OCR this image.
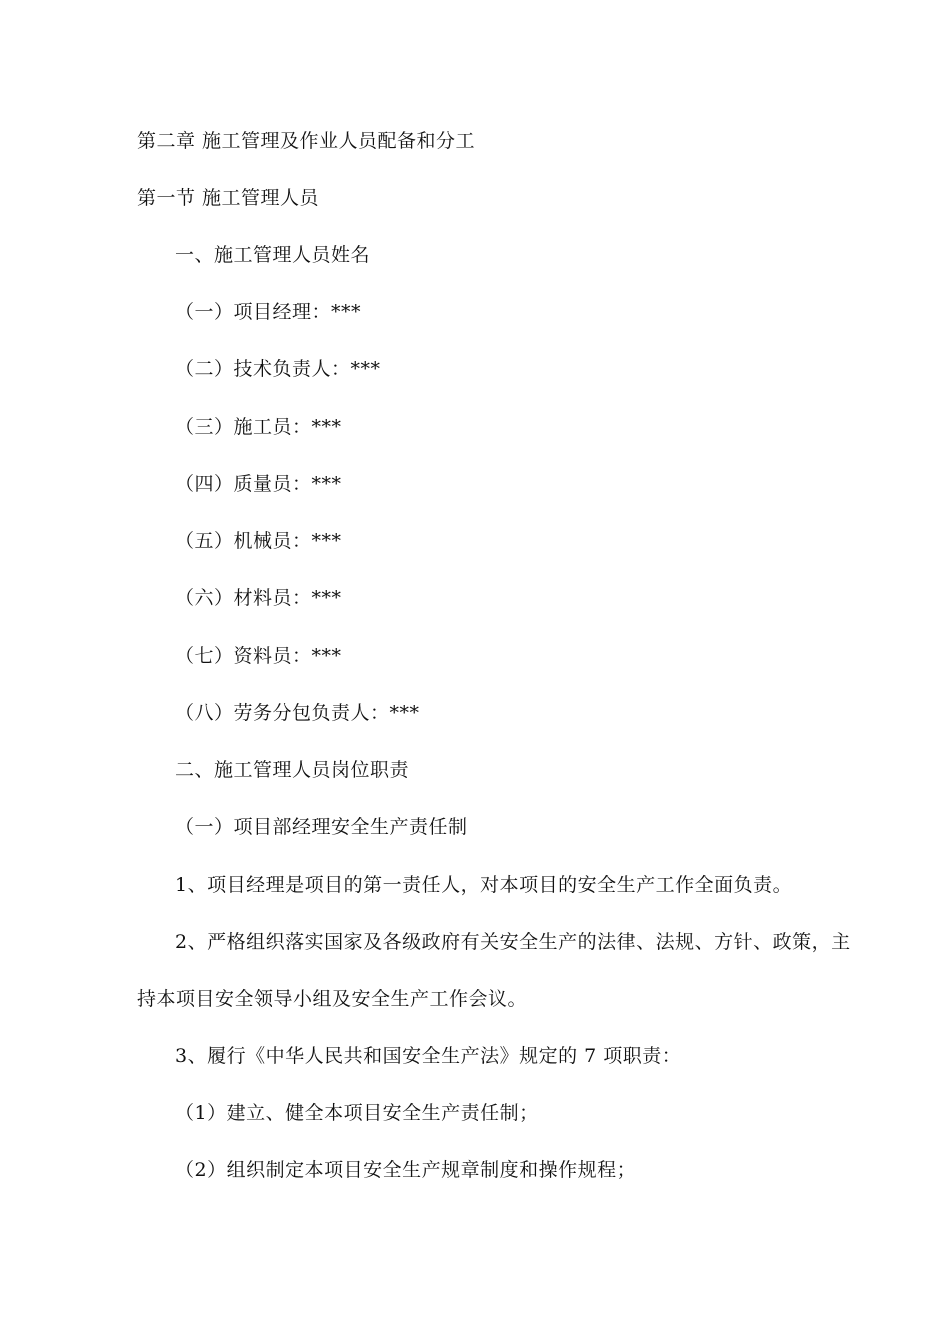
第二章 施工管理及作业人员配备和分工
第一节 施工管理人员
一、施工管理人员姓名
（一）项目经理：***
（二）技术负责人：***
（三）施工员：***
（四）质量员：***
（五）机械员：***
（六）材料员：***
（七）资料员：***
（八）劳务分包负责人：***
二、施工管理人员岗位职责
（一）项目部经理安全生产责任制
1、项目经理是项目的第一责任人，对本项目的安全生产工作全面负责。
2、严格组织落实国家及各级政府有关安全生产的法律、法规、方针、政策，主
持本项目安全领导小组及安全生产工作会议。
3、履行《中华人民共和国安全生产法》规定的 7 项职责：
（1）建立、健全本项目安全生产责任制；
（2）组织制定本项目安全生产规章制度和操作规程；
